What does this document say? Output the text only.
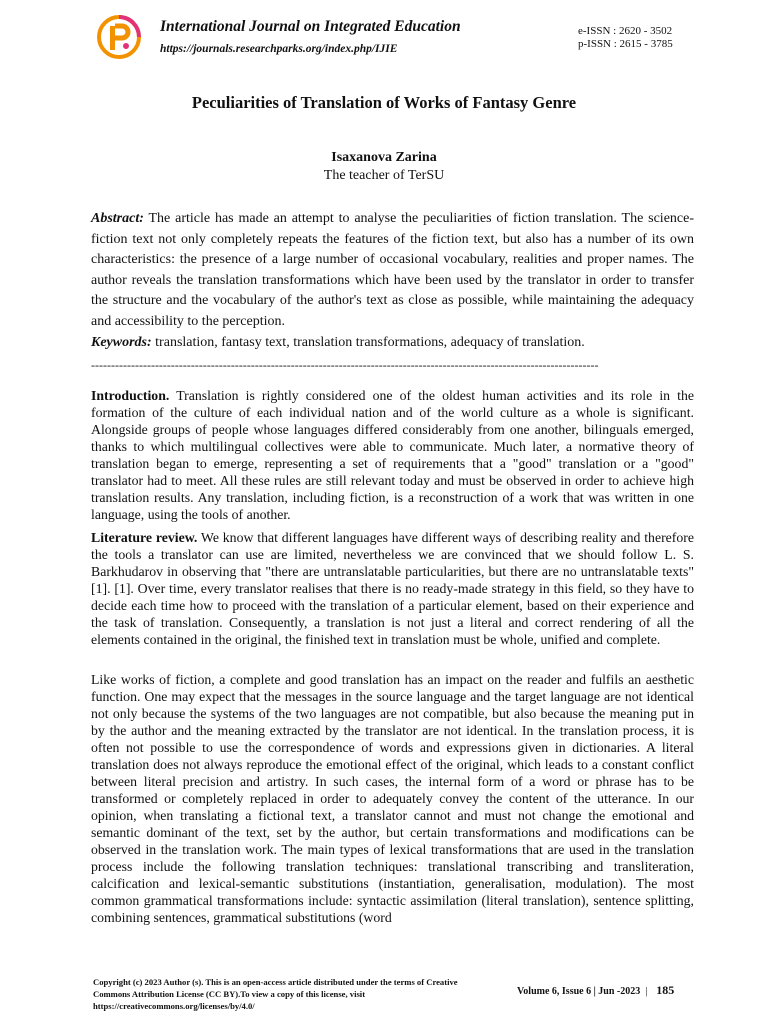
International Journal on Integrated Education
https://journals.researchparks.org/index.php/IJIE
e-ISSN : 2620 - 3502
p-ISSN : 2615 - 3785
Peculiarities of Translation of Works of Fantasy Genre
Isaxanova Zarina
The teacher of TerSU

Abstract: The article has made an attempt to analyse the peculiarities of fiction translation. The science-fiction text not only completely repeats the features of the fiction text, but also has a number of its own characteristics: the presence of a large number of occasional vocabulary, realities and proper names. The author reveals the translation transformations which have been used by the translator in order to transfer the structure and the vocabulary of the author's text as close as possible, while maintaining the adequacy and accessibility to the perception.

Keywords: translation, fantasy text, translation transformations, adequacy of translation.

-------------------------------------------------------------------------------------------------------------------------------

Introduction. Translation is rightly considered one of the oldest human activities and its role in the formation of the culture of each individual nation and of the world culture as a whole is significant. Alongside groups of people whose languages differed considerably from one another, bilinguals emerged, thanks to which multilingual collectives were able to communicate. Much later, a normative theory of translation began to emerge, representing a set of requirements that a "good" translation or a "good" translator had to meet. All these rules are still relevant today and must be observed in order to achieve high translation results. Any translation, including fiction, is a reconstruction of a work that was written in one language, using the tools of another.

Literature review. We know that different languages have different ways of describing reality and therefore the tools a translator can use are limited, nevertheless we are convinced that we should follow L. S. Barkhudarov in observing that "there are untranslatable particularities, but there are no untranslatable texts" [1]. [1]. Over time, every translator realises that there is no ready-made strategy in this field, so they have to decide each time how to proceed with the translation of a particular element, based on their experience and the task of translation. Consequently, a translation is not just a literal and correct rendering of all the elements contained in the original, the finished text in translation must be whole, unified and complete.

Like works of fiction, a complete and good translation has an impact on the reader and fulfils an aesthetic function. One may expect that the messages in the source language and the target language are not identical not only because the systems of the two languages are not compatible, but also because the meaning put in by the author and the meaning extracted by the translator are not identical. In the translation process, it is often not possible to use the correspondence of words and expressions given in dictionaries. A literal translation does not always reproduce the emotional effect of the original, which leads to a constant conflict between literal precision and artistry. In such cases, the internal form of a word or phrase has to be transformed or completely replaced in order to adequately convey the content of the utterance. In our opinion, when translating a fictional text, a translator cannot and must not change the emotional and semantic dominant of the text, set by the author, but certain transformations and modifications can be observed in the translation work. The main types of lexical transformations that are used in the translation process include the following translation techniques: translational transcribing and transliteration, calcification and lexical-semantic substitutions (instantiation, generalisation, modulation). The most common grammatical transformations include: syntactic assimilation (literal translation), sentence splitting, combining sentences, grammatical substitutions (word

Copyright (c) 2023 Author (s). This is an open-access article distributed under the terms of Creative Commons Attribution License (CC BY).To view a copy of this license, visit https://creativecommons.org/licenses/by/4.0/
Volume 6, Issue 6 | Jun -2023 | 185
